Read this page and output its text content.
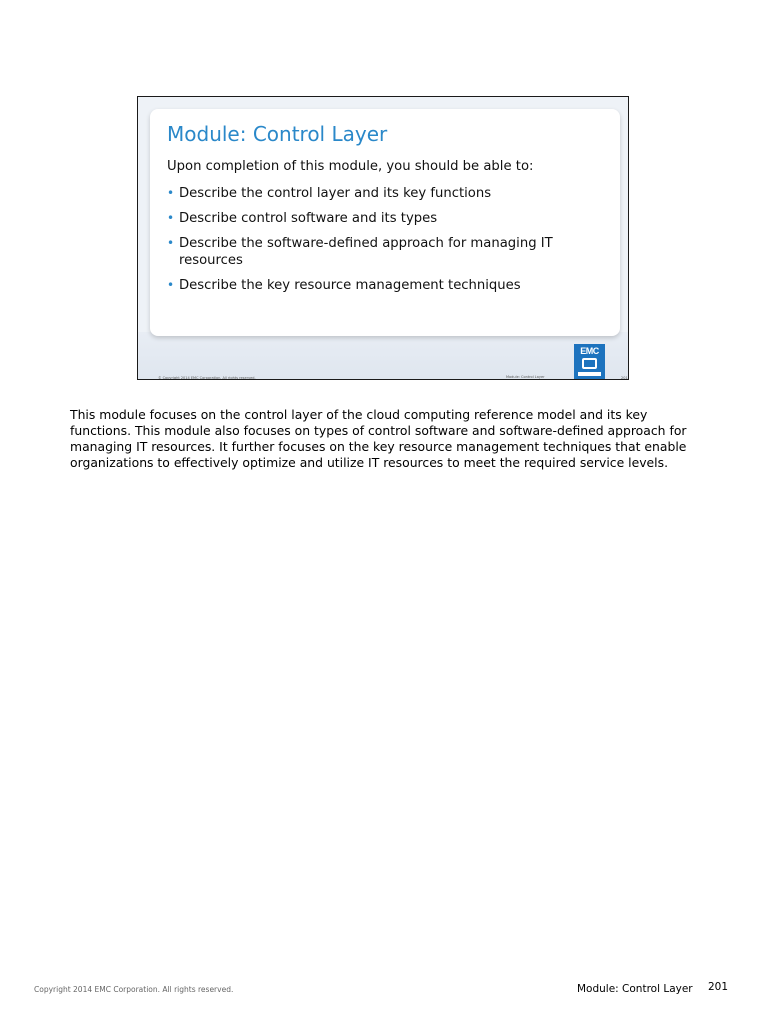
Module: Control Layer

Upon completion of this module, you should be able to:

• Describe the control layer and its key functions
• Describe control software and its types
• Describe the software-defined approach for managing IT resources
• Describe the key resource management techniques
EMC
© Copyright 2014 EMC Corporation. All rights reserved.	Module: Control Layer	201

This module focuses on the control layer of the cloud computing reference model and its key functions. This module also focuses on types of control software and software-defined approach for managing IT resources. It further focuses on the key resource management techniques that enable organizations to effectively optimize and utilize IT resources to meet the required service levels.

Copyright 2014 EMC Corporation. All rights reserved.	Module: Control Layer 201
